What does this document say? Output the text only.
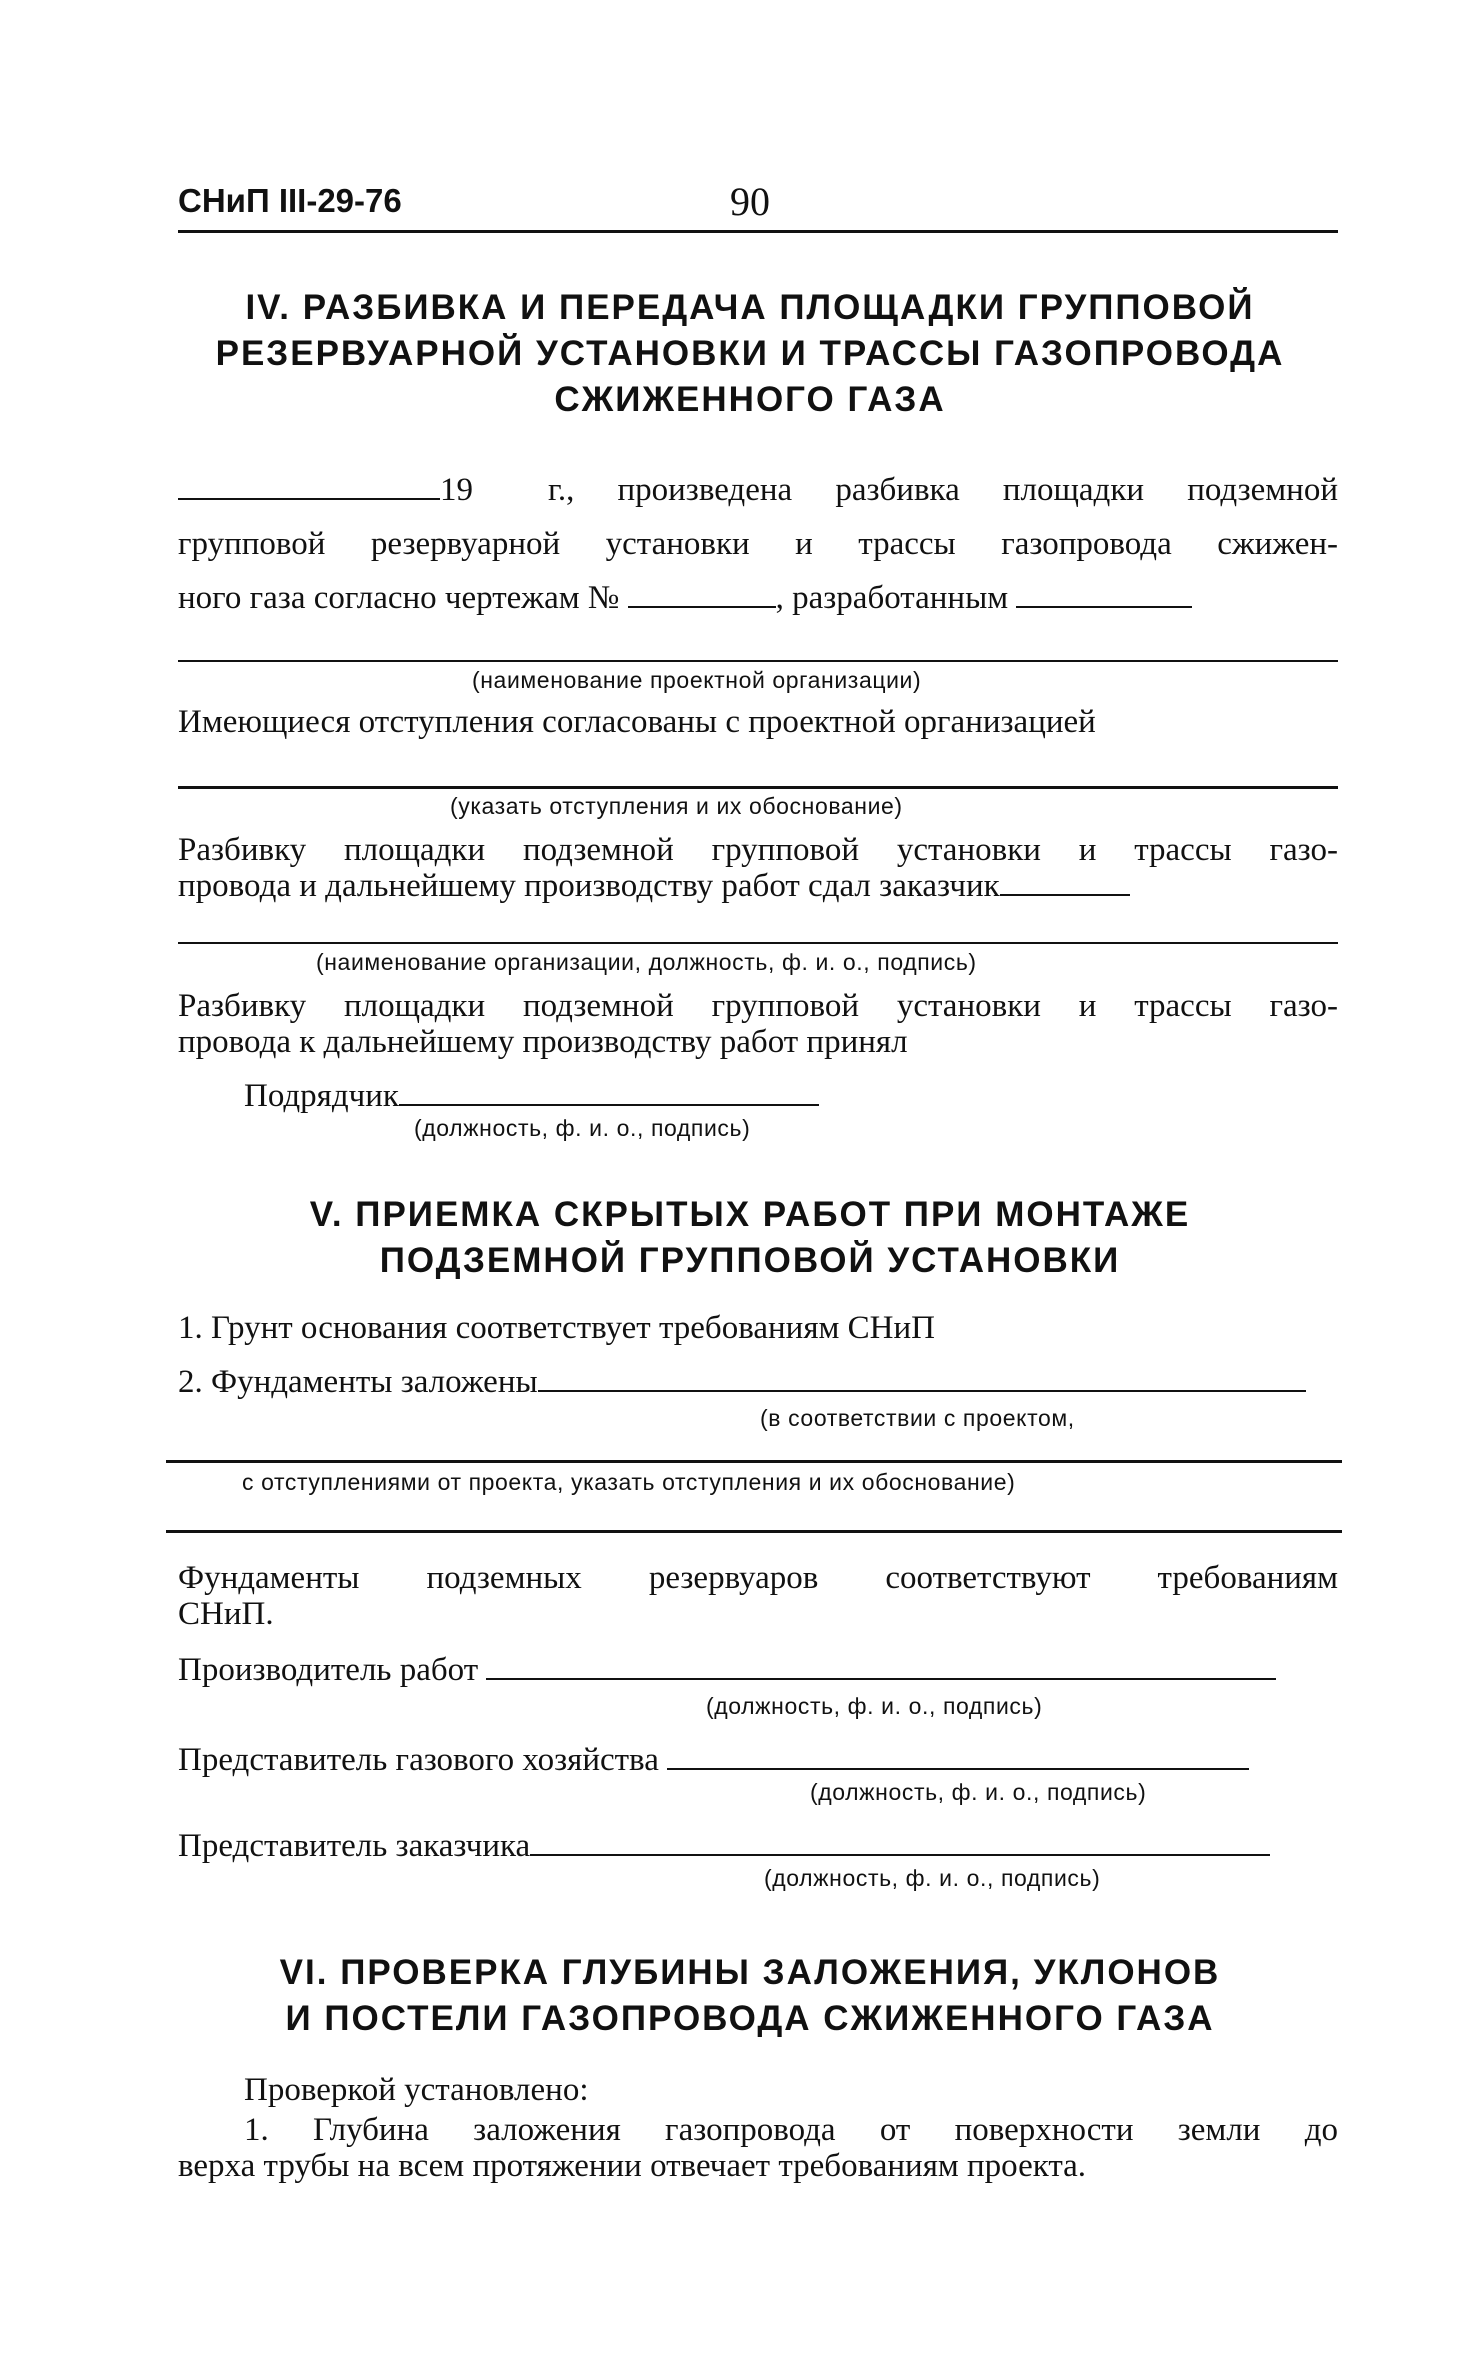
СНиП III-29-76	90
IV. РАЗБИВКА И ПЕРЕДАЧА ПЛОЩАДКИ ГРУППОВОЙ
РЕЗЕРВУАРНОЙ УСТАНОВКИ И ТРАССЫ ГАЗОПРОВОДА
СЖИЖЕННОГО ГАЗА
19 г., произведена разбивка площадки подземной
групповой резервуарной установки и трассы газопровода сжижен-
ного газа согласно чертежам №	, разработанным
(наименование проектной организации)
Имеющиеся отступления согласованы с проектной организацией
(указать отступления и их обоснование)
Разбивку площадки подземной групповой установки и трассы газо-
провода и дальнейшему производству работ сдал заказчик
(наименование организации, должность, ф. и. о., подпись)
Разбивку площадки подземной групповой установки и трассы газо-
провода к дальнейшему производству работ принял
Подрядчик
(должность, ф. и. о., подпись)
V. ПРИЕМКА СКРЫТЫХ РАБОТ ПРИ МОНТАЖЕ
ПОДЗЕМНОЙ ГРУППОВОЙ УСТАНОВКИ
1. Грунт основания соответствует требованиям СНиП
2. Фундаменты заложены
(в соответствии с проектом,
с отступлениями от проекта, указать отступления и их обоснование)
Фундаменты подземных резервуаров соответствуют требованиям
СНиП.
Производитель работ
(должность, ф. и. о., подпись)
Представитель газового хозяйства
(должность, ф. и. о., подпись)
Представитель заказчика
(должность, ф. и. о., подпись)
VI. ПРОВЕРКА ГЛУБИНЫ ЗАЛОЖЕНИЯ, УКЛОНОВ
И ПОСТЕЛИ ГАЗОПРОВОДА СЖИЖЕННОГО ГАЗА
Проверкой установлено:
1. Глубина заложения газопровода от поверхности земли до
верха трубы на всем протяжении отвечает требованиям проекта.
